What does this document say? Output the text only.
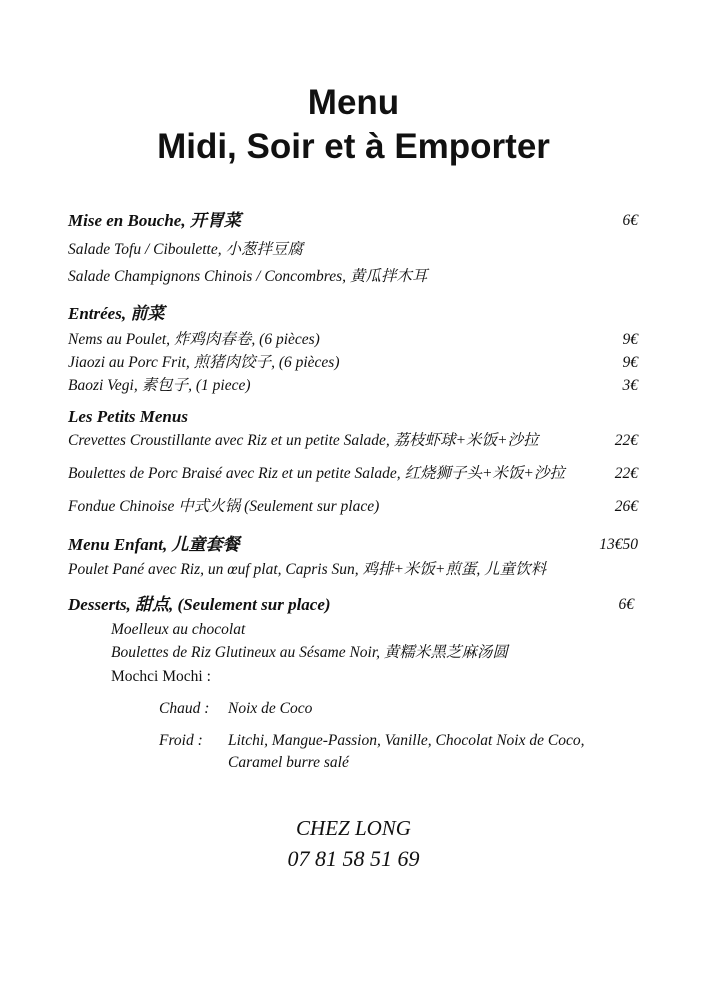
Menu
Midi, Soir et à Emporter
Mise en Bouche, 开胃菜	6€
Salade Tofu / Ciboulette, 小葱拌豆腐
Salade Champignons Chinois / Concombres, 黄瓜拌木耳
Entrées, 前菜
Nems au Poulet, 炸鸡肉春卷, (6 pièces)	9€
Jiaozi au Porc Frit, 煎猪肉饺子, (6 pièces)	9€
Baozi Vegi, 素包子, (1 piece)	3€
Les Petits Menus
Crevettes Croustillante avec Riz et un petite Salade, 荔枝虾球+米饭+沙拉	22€
Boulettes de Porc Braisé avec Riz et un petite Salade, 红烧狮子头+米饭+沙拉	22€
Fondue Chinoise 中式火锅 (Seulement sur place)	26€
Menu Enfant, 儿童套餐	13€50
Poulet Pané avec Riz, un œuf plat, Capris Sun, 鸡排+米饭+煎蛋, 儿童饮料
Desserts, 甜点, (Seulement sur place)	6€
Moelleux au chocolat
Boulettes de Riz Glutineux au Sésame Noir, 黄糯米黑芝麻汤圆
Mochci Mochi :
Chaud : Noix de Coco
Froid : Litchi, Mangue-Passion, Vanille, Chocolat Noix de Coco,
Caramel burre salé
CHEZ LONG
07 81 58 51 69
